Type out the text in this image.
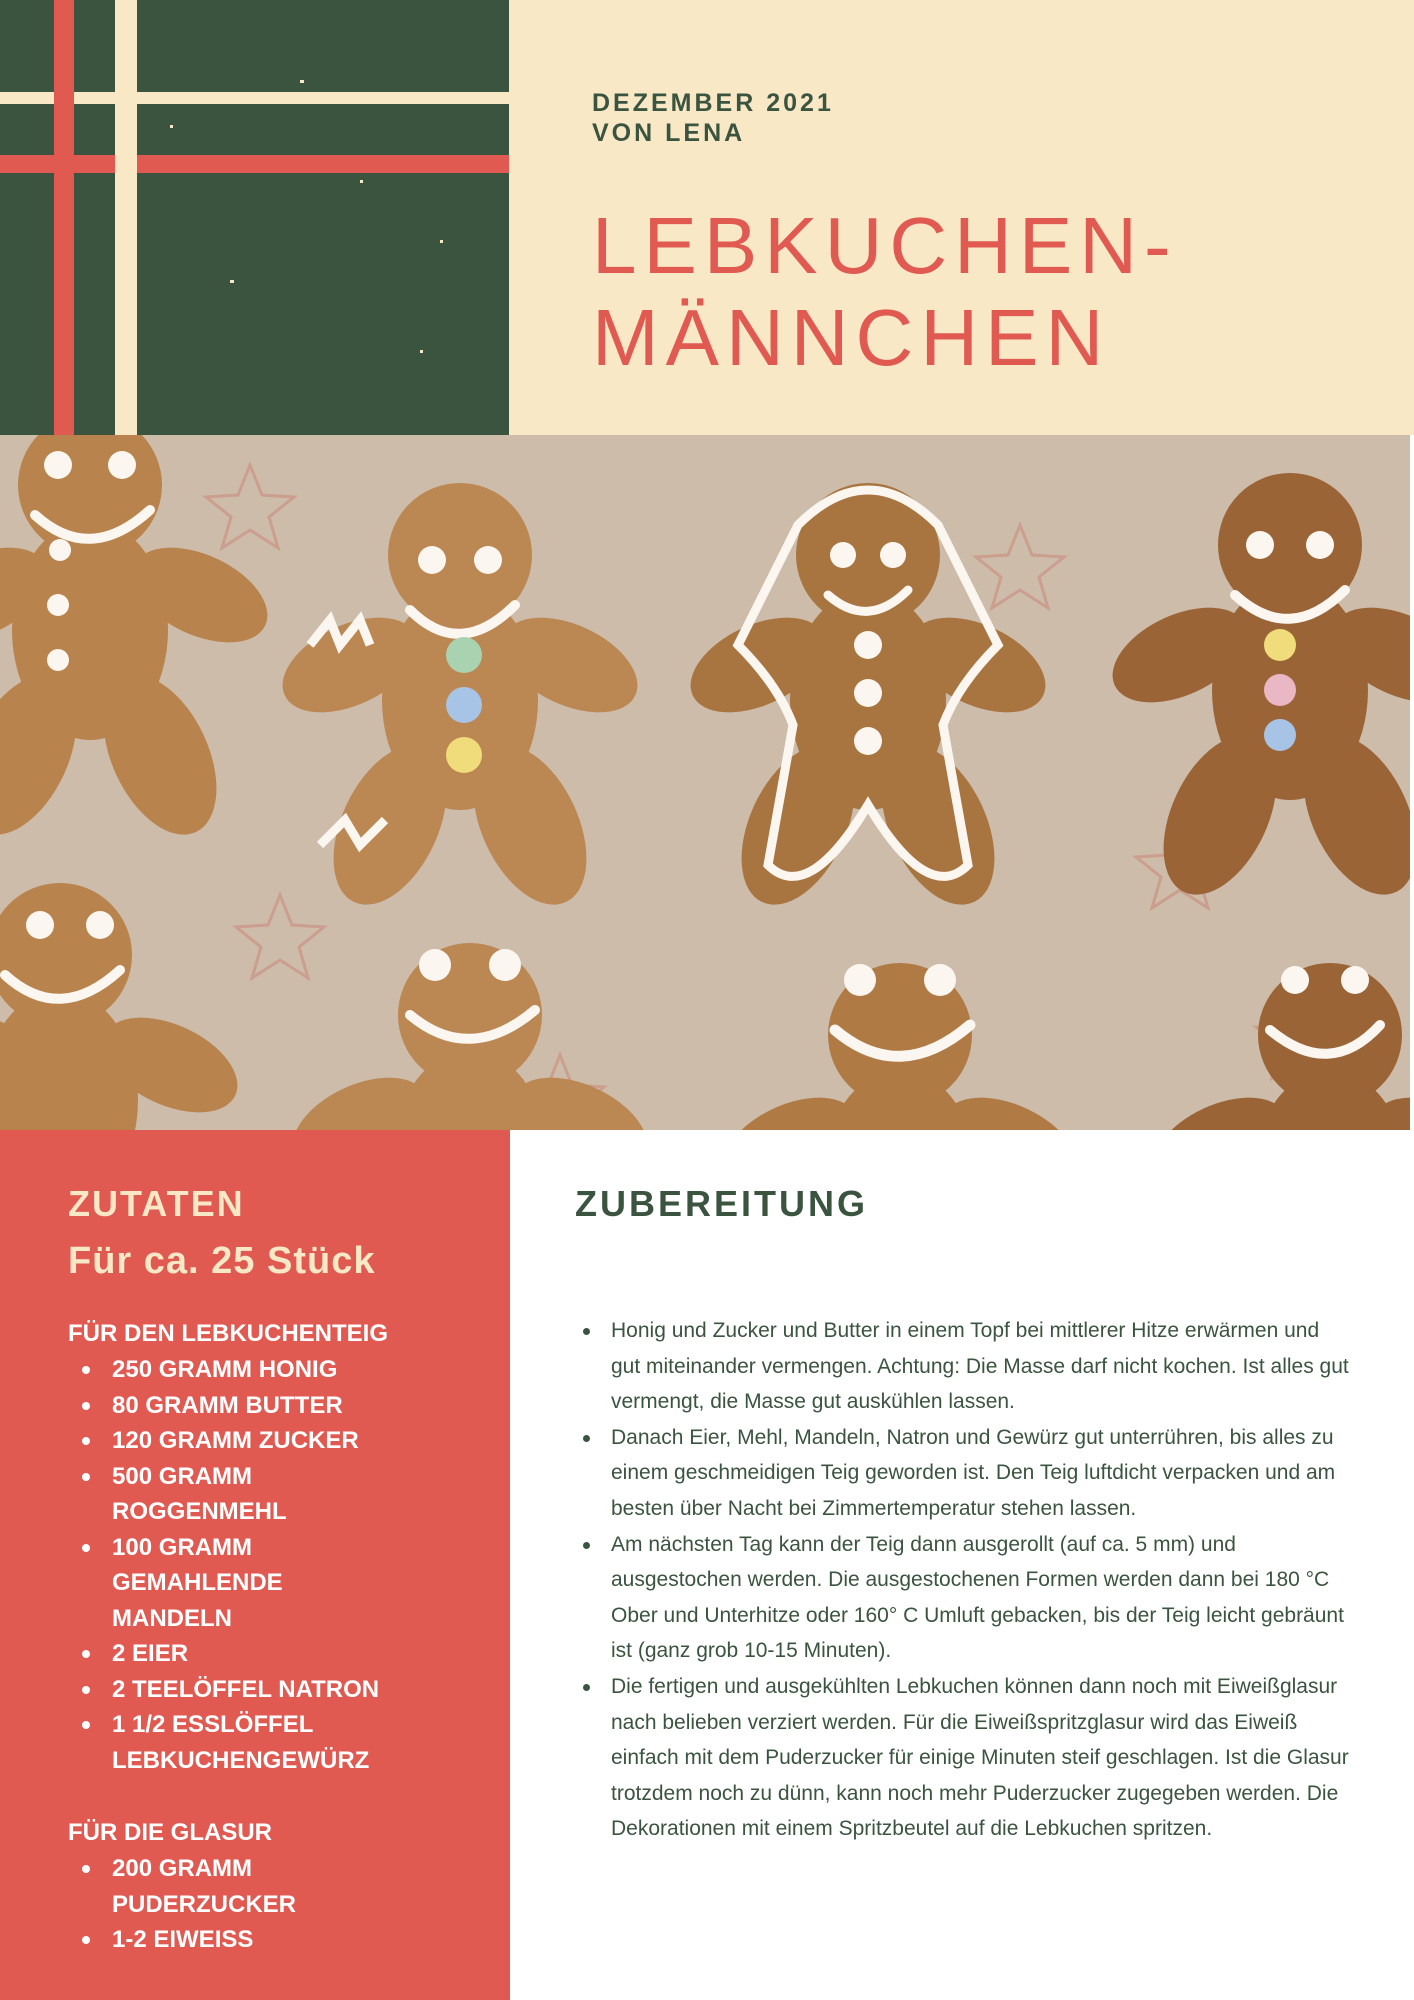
DEZEMBER 2021
VON LENA
LEBKUCHEN-
MÄNNCHEN
ZUTATEN
Für ca. 25 Stück
FÜR DEN LEBKUCHENTEIG
250 GRAMM HONIG
80 GRAMM BUTTER
120 GRAMM ZUCKER
500 GRAMM ROGGENMEHL
100 GRAMM GEMAHLENDE MANDELN
2 EIER
2 TEELÖFFEL NATRON
1 1/2 ESSLÖFFEL LEBKUCHENGEWÜRZ
FÜR DIE GLASUR
200 GRAMM PUDERZUCKER
1-2 EIWEISS
ZUBEREITUNG
Honig und Zucker und Butter in einem Topf bei mittlerer Hitze erwärmen und gut miteinander vermengen. Achtung: Die Masse darf nicht kochen. Ist alles gut vermengt, die Masse gut auskühlen lassen.
Danach Eier, Mehl, Mandeln, Natron und Gewürz gut unterrühren, bis alles zu einem geschmeidigen Teig geworden ist. Den Teig luftdicht verpacken und am besten über Nacht bei Zimmertemperatur stehen lassen.
Am nächsten Tag kann der Teig dann ausgerollt (auf ca. 5 mm) und ausgestochen werden. Die ausgestochenen Formen werden dann bei 180 °C Ober und Unterhitze oder 160° C Umluft gebacken, bis der Teig leicht gebräunt ist (ganz grob 10-15 Minuten).
Die fertigen und ausgekühlten Lebkuchen können dann noch mit Eiweißglasur nach belieben verziert werden. Für die Eiweißspritzglasur wird das Eiweiß einfach mit dem Puderzucker für einige Minuten steif geschlagen. Ist die Glasur trotzdem noch zu dünn, kann noch mehr Puderzucker zugegeben werden. Die Dekorationen mit einem Spritzbeutel auf die Lebkuchen spritzen.
